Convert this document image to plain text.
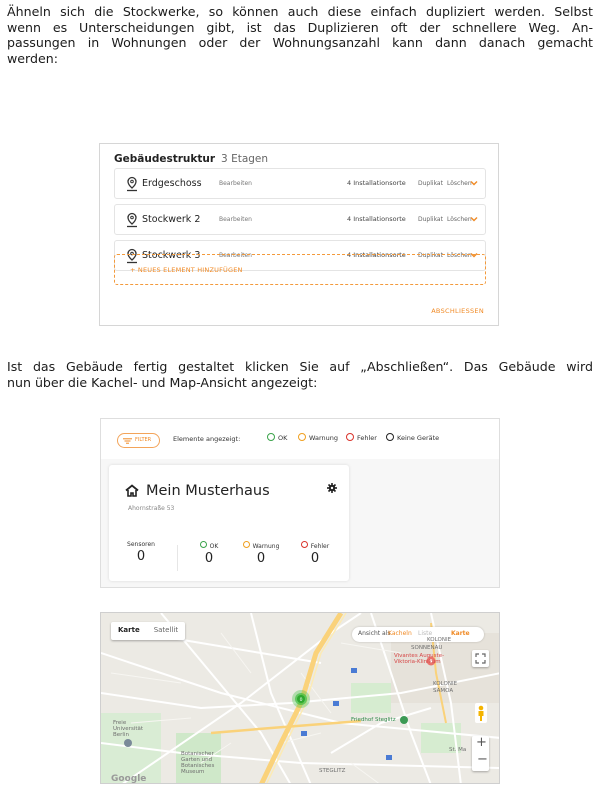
Ähneln sich die Stockwerke, so können auch diese einfach dupliziert werden. Selbst
wenn es Unterscheidungen gibt, ist das Duplizieren oft der schnellere Weg. An-
passungen in Wohnungen oder der Wohnungsanzahl kann dann danach gemacht
werden:
Gebäudestruktur 3 Etagen
Erdgeschoss	Bearbeiten	4 Installationsorte Duplikat Löschen
Stockwerk 2	Bearbeiten	4 Installationsorte Duplikat Löschen
Stockwerk 3	Bearbeiten	4 Installationsorte Duplikat Löschen
+ NEUES ELEMENT HINZUFÜGEN
ABSCHLIESSEN
Ist das Gebäude fertig gestaltet klicken Sie auf „Abschließen“. Das Gebäude wird
nun über die Kachel- und Map-Ansicht angezeigt:
FILTER	Elemente angezeigt:	OK	Warnung	Fehler	Keine Geräte
Mein Musterhaus
Ahornstraße 53
Sensoren
0
OK
0
Warnung
0
Fehler
0
0
Karte Satellit	Ansicht als
Kacheln Liste	Karte
+
−
KOLONIE
SONNENAU
Vivantes Auguste-Viktoria-Klinikum
KOLONIE SAMOA
Friedhof Steglitz
Freie Universität Berlin
Botanischer Garten und Botanisches Museum	STEGLITZ
St. Ma
Google
